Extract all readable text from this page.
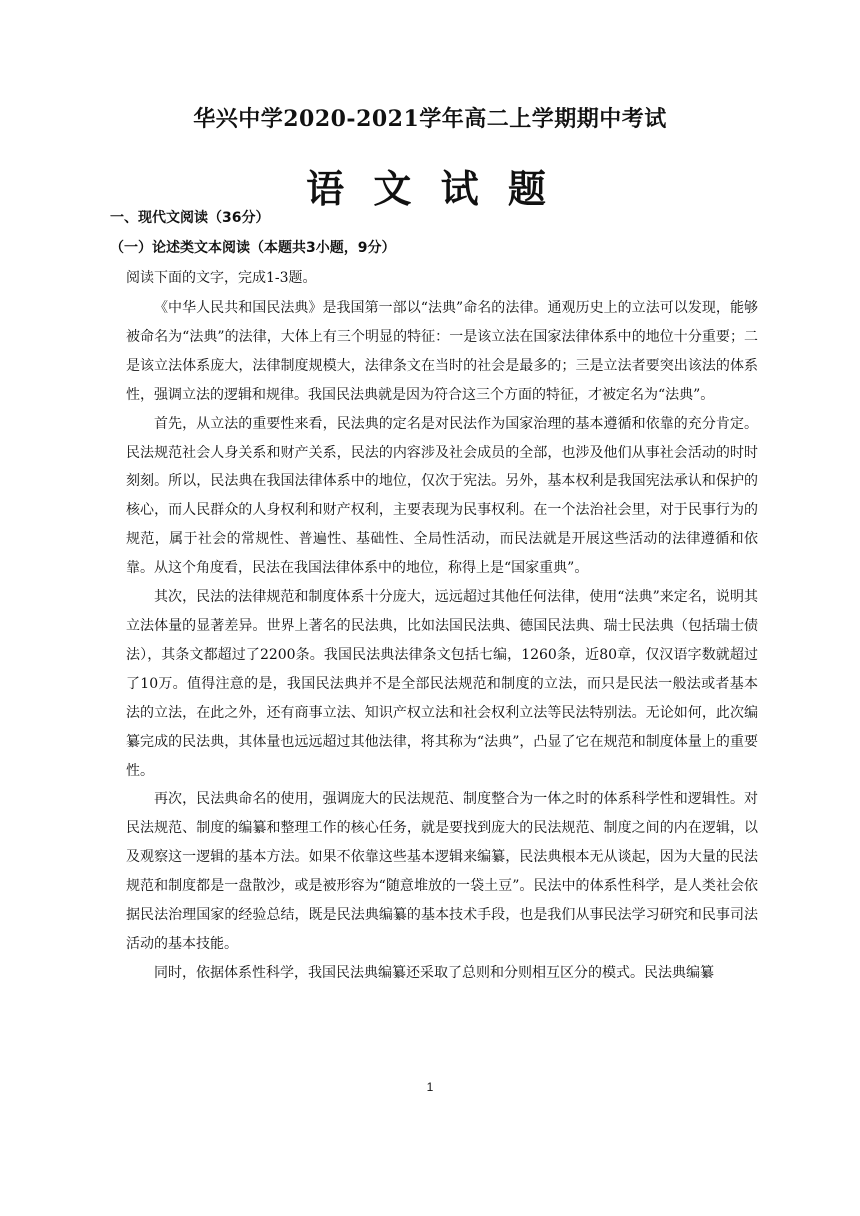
华兴中学2020-2021学年高二上学期期中考试
语 文 试 题
一、现代文阅读（36分）
（一）论述类文本阅读（本题共3小题，9分）
阅读下面的文字，完成1-3题。

《中华人民共和国民法典》是我国第一部以“法典”命名的法律。通观历史上的立法可以发现，能够被命名为“法典”的法律，大体上有三个明显的特征：一是该立法在国家法律体系中的地位十分重要；二是该立法体系庞大，法律制度规模大，法律条文在当时的社会是最多的；三是立法者要突出该法的体系性，强调立法的逻辑和规律。我国民法典就是因为符合这三个方面的特征，才被定名为“法典”。

首先，从立法的重要性来看，民法典的定名是对民法作为国家治理的基本遵循和依靠的充分肯定。民法规范社会人身关系和财产关系，民法的内容涉及社会成员的全部，也涉及他们从事社会活动的时时刻刻。所以，民法典在我国法律体系中的地位，仅次于宪法。另外，基本权利是我国宪法承认和保护的核心，而人民群众的人身权利和财产权利，主要表现为民事权利。在一个法治社会里，对于民事行为的规范，属于社会的常规性、普遍性、基础性、全局性活动，而民法就是开展这些活动的法律遵循和依靠。从这个角度看，民法在我国法律体系中的地位，称得上是“国家重典”。

其次，民法的法律规范和制度体系十分庞大，远远超过其他任何法律，使用“法典”来定名，说明其立法体量的显著差异。世界上著名的民法典，比如法国民法典、德国民法典、瑞士民法典（包括瑞士债法），其条文都超过了2200条。我国民法典法律条文包括七编，1260条，近80章，仅汉语字数就超过了10万。值得注意的是，我国民法典并不是全部民法规范和制度的立法，而只是民法一般法或者基本法的立法，在此之外，还有商事立法、知识产权立法和社会权利立法等民法特别法。无论如何，此次编纂完成的民法典，其体量也远远超过其他法律，将其称为“法典”，凸显了它在规范和制度体量上的重要性。

再次，民法典命名的使用，强调庞大的民法规范、制度整合为一体之时的体系科学性和逻辑性。对民法规范、制度的编纂和整理工作的核心任务，就是要找到庞大的民法规范、制度之间的内在逻辑，以及观察这一逻辑的基本方法。如果不依靠这些基本逻辑来编纂，民法典根本无从谈起，因为大量的民法规范和制度都是一盘散沙，或是被形容为“随意堆放的一袋土豆”。民法中的体系性科学，是人类社会依据民法治理国家的经验总结，既是民法典编纂的基本技术手段，也是我们从事民法学习研究和民事司法活动的基本技能。

同时，依据体系性科学，我国民法典编纂还采取了总则和分则相互区分的模式。民法典编纂

1
